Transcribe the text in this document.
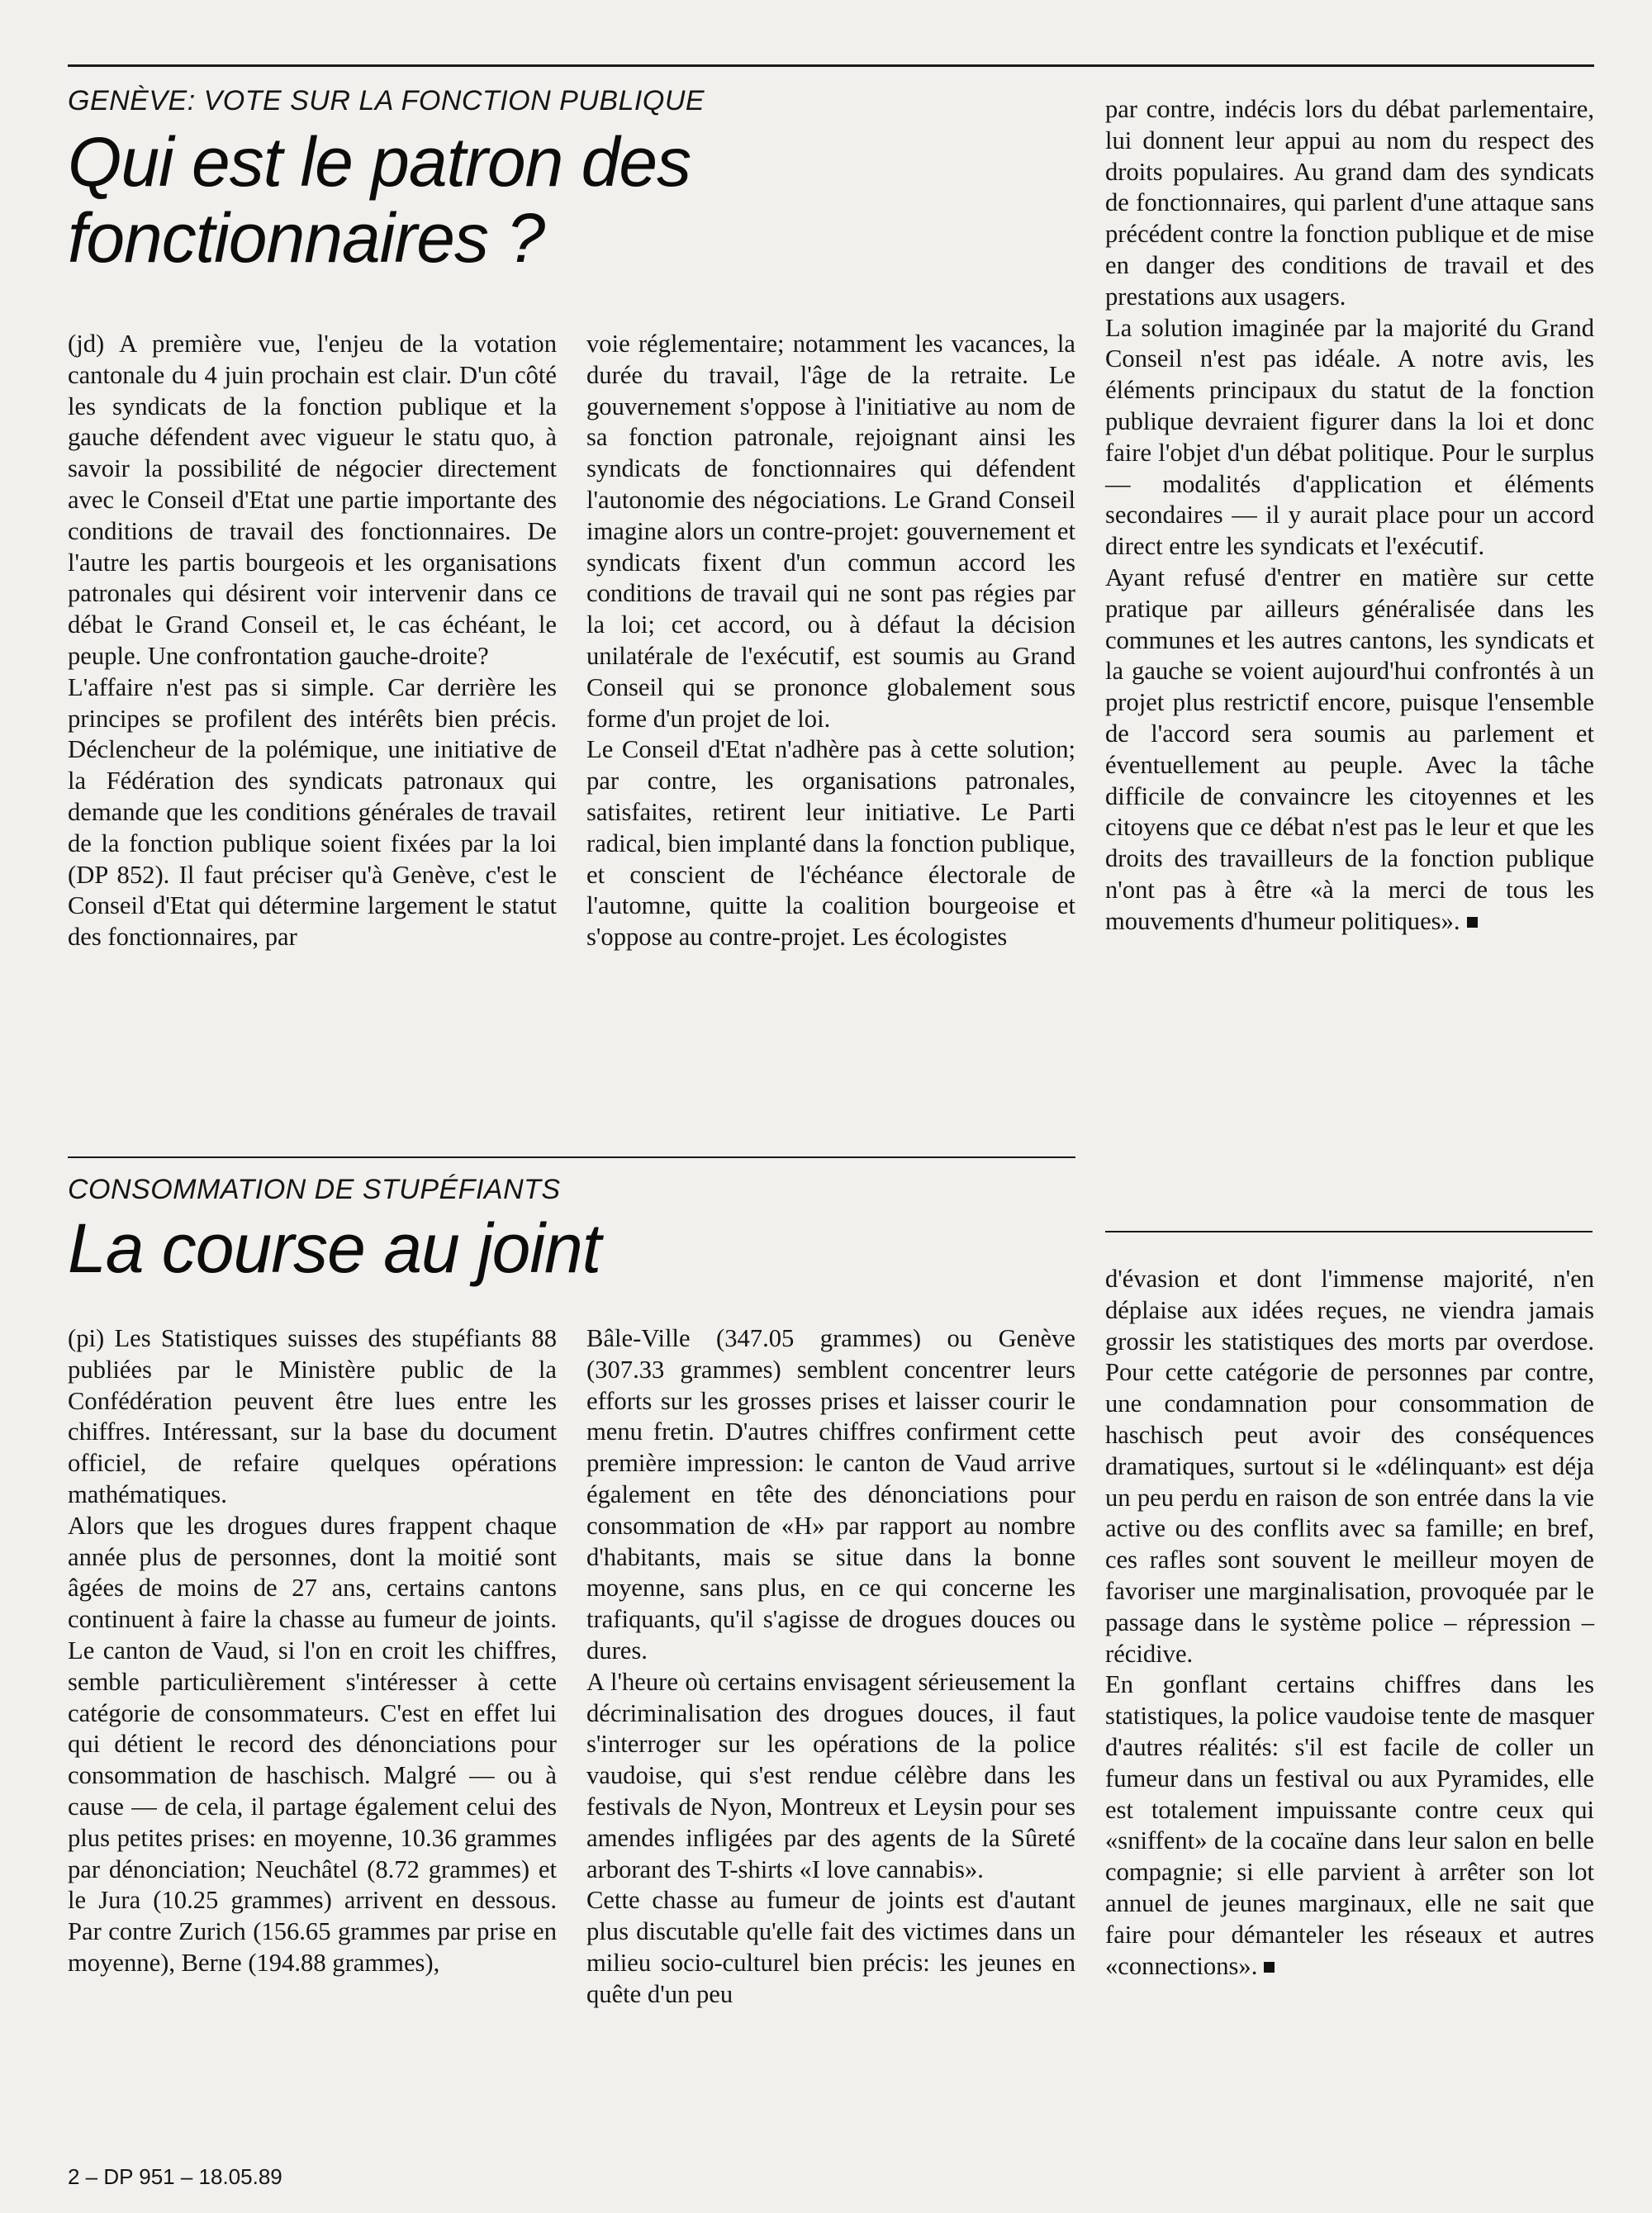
GENÈVE: VOTE SUR LA FONCTION PUBLIQUE

Qui est le patron des
fonctionnaires ?

(jd) A première vue, l'enjeu de la votation cantonale du 4 juin prochain est clair. D'un côté les syndicats de la fonction publique et la gauche défendent avec vigueur le statu quo, à savoir la possibilité de négocier directement avec le Conseil d'Etat une partie importante des conditions de travail des fonctionnaires. De l'autre les partis bourgeois et les organisations patronales qui désirent voir intervenir dans ce débat le Grand Conseil et, le cas échéant, le peuple. Une confrontation gauche-droite?

L'affaire n'est pas si simple. Car derrière les principes se profilent des intérêts bien précis. Déclencheur de la polémique, une initiative de la Fédération des syndicats patronaux qui demande que les conditions générales de travail de la fonction publique soient fixées par la loi (DP 852). Il faut préciser qu'à Genève, c'est le Conseil d'Etat qui détermine largement le statut des fonctionnaires, par

voie réglementaire; notamment les vacances, la durée du travail, l'âge de la retraite. Le gouvernement s'oppose à l'initiative au nom de sa fonction patronale, rejoignant ainsi les syndicats de fonctionnaires qui défendent l'autonomie des négociations. Le Grand Conseil imagine alors un contre-projet: gouvernement et syndicats fixent d'un commun accord les conditions de travail qui ne sont pas régies par la loi; cet accord, ou à défaut la décision unilatérale de l'exécutif, est soumis au Grand Conseil qui se prononce globalement sous forme d'un projet de loi.

Le Conseil d'Etat n'adhère pas à cette solution; par contre, les organisations patronales, satisfaites, retirent leur initiative. Le Parti radical, bien implanté dans la fonction publique, et conscient de l'échéance électorale de l'automne, quitte la coalition bourgeoise et s'oppose au contre-projet. Les écologistes

par contre, indécis lors du débat parlementaire, lui donnent leur appui au nom du respect des droits populaires. Au grand dam des syndicats de fonctionnaires, qui parlent d'une attaque sans précédent contre la fonction publique et de mise en danger des conditions de travail et des prestations aux usagers.

La solution imaginée par la majorité du Grand Conseil n'est pas idéale. A notre avis, les éléments principaux du statut de la fonction publique devraient figurer dans la loi et donc faire l'objet d'un débat politique. Pour le surplus — modalités d'application et éléments secondaires — il y aurait place pour un accord direct entre les syndicats et l'exécutif.

Ayant refusé d'entrer en matière sur cette pratique par ailleurs généralisée dans les communes et les autres cantons, les syndicats et la gauche se voient aujourd'hui confrontés à un projet plus restrictif encore, puisque l'ensemble de l'accord sera soumis au parlement et éventuellement au peuple. Avec la tâche difficile de convaincre les citoyennes et les citoyens que ce débat n'est pas le leur et que les droits des travailleurs de la fonction publique n'ont pas à être «à la merci de tous les mouvements d'humeur politiques».

CONSOMMATION DE STUPÉFIANTS

La course au joint

(pi) Les Statistiques suisses des stupéfiants 88 publiées par le Ministère public de la Confédération peuvent être lues entre les chiffres. Intéressant, sur la base du document officiel, de refaire quelques opérations mathématiques.

Alors que les drogues dures frappent chaque année plus de personnes, dont la moitié sont âgées de moins de 27 ans, certains cantons continuent à faire la chasse au fumeur de joints. Le canton de Vaud, si l'on en croit les chiffres, semble particulièrement s'intéresser à cette catégorie de consommateurs. C'est en effet lui qui détient le record des dénonciations pour consommation de haschisch. Malgré — ou à cause — de cela, il partage également celui des plus petites prises: en moyenne, 10.36 grammes par dénonciation; Neuchâtel (8.72 grammes) et le Jura (10.25 grammes) arrivent en dessous. Par contre Zurich (156.65 grammes par prise en moyenne), Berne (194.88 grammes),

Bâle-Ville (347.05 grammes) ou Genève (307.33 grammes) semblent concentrer leurs efforts sur les grosses prises et laisser courir le menu fretin. D'autres chiffres confirment cette première impression: le canton de Vaud arrive également en tête des dénonciations pour consommation de «H» par rapport au nombre d'habitants, mais se situe dans la bonne moyenne, sans plus, en ce qui concerne les trafiquants, qu'il s'agisse de drogues douces ou dures.

A l'heure où certains envisagent sérieusement la décriminalisation des drogues douces, il faut s'interroger sur les opérations de la police vaudoise, qui s'est rendue célèbre dans les festivals de Nyon, Montreux et Leysin pour ses amendes infligées par des agents de la Sûreté arborant des T-shirts «I love cannabis».

Cette chasse au fumeur de joints est d'autant plus discutable qu'elle fait des victimes dans un milieu socio-culturel bien précis: les jeunes en quête d'un peu

d'évasion et dont l'immense majorité, n'en déplaise aux idées reçues, ne viendra jamais grossir les statistiques des morts par overdose. Pour cette catégorie de personnes par contre, une condamnation pour consommation de haschisch peut avoir des conséquences dramatiques, surtout si le «délinquant» est déja un peu perdu en raison de son entrée dans la vie active ou des conflits avec sa famille; en bref, ces rafles sont souvent le meilleur moyen de favoriser une marginalisation, provoquée par le passage dans le système police – répression – récidive.

En gonflant certains chiffres dans les statistiques, la police vaudoise tente de masquer d'autres réalités: s'il est facile de coller un fumeur dans un festival ou aux Pyramides, elle est totalement impuissante contre ceux qui «sniffent» de la cocaïne dans leur salon en belle compagnie; si elle parvient à arrêter son lot annuel de jeunes marginaux, elle ne sait que faire pour démanteler les réseaux et autres «connections».

2 – DP 951 – 18.05.89
